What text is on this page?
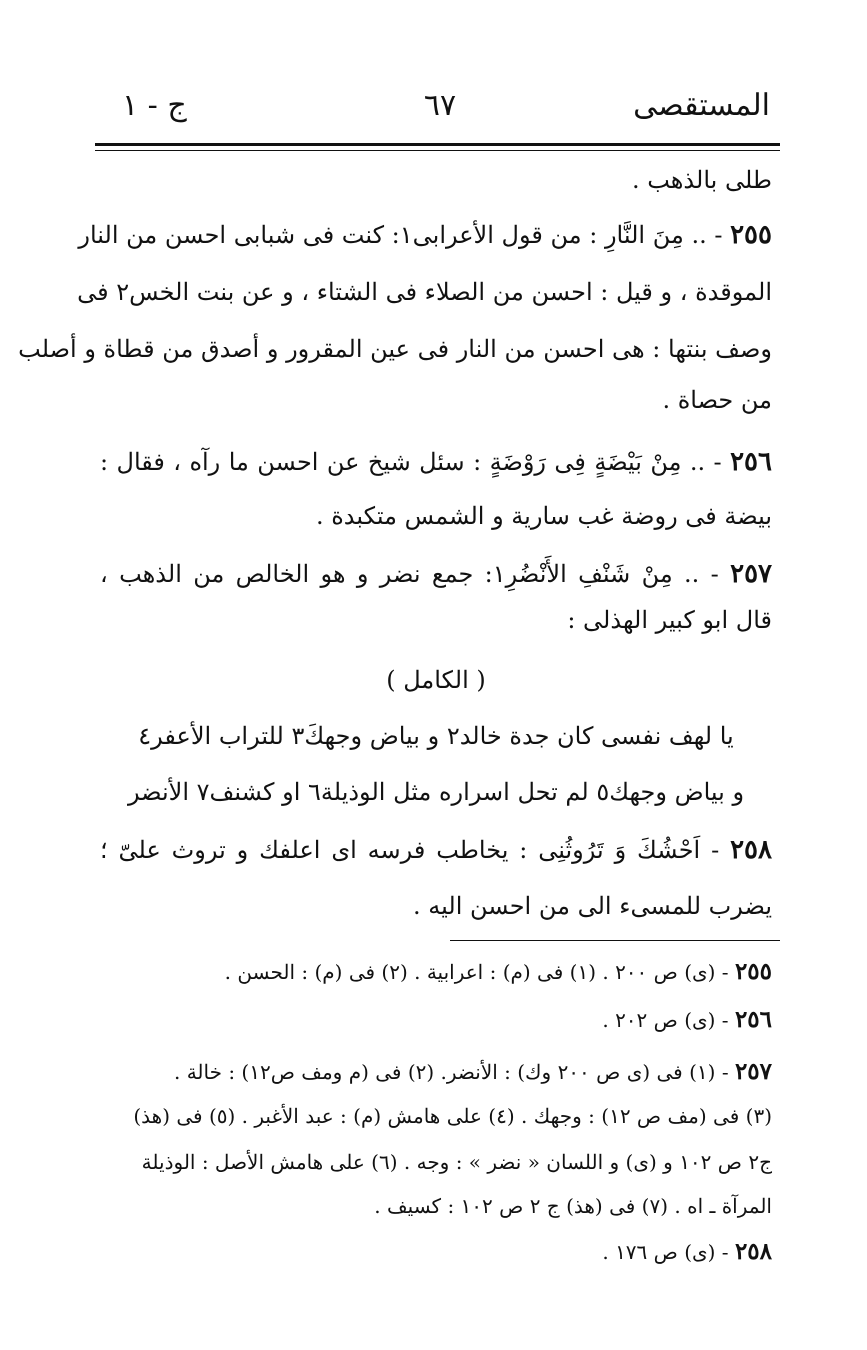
المستقصى
٦٧
ج - ١
طلى بالذهب .
٢٥٥ - .. مِنَ النَّارِ : من قول الأعرابى١: كنت فى شبابى احسن من النار
الموقدة ، و قيل : احسن من الصلاء فى الشتاء ، و عن بنت الخس٢ فى
وصف بنتها : هى احسن من النار فى عين المقرور و أصدق من قطاة و أصلب
من حصاة .
٢٥٦ - .. مِنْ بَيْضَةٍ فِى رَوْضَةٍ : سئل شيخ عن احسن ما رآه ، فقال :
بيضة فى روضة غب سارية و الشمس متكبدة .
٢٥٧ - .. مِنْ شَنْفِ الأَنْضُرِ١: جمع نضر و هو الخالص من الذهب ،
قال ابو كبير الهذلى :
( الكامل )
يا لهف نفسى كان جدة خالد٢ و بياض وجهكَ٣ للتراب الأعفر٤
و بياض وجهك٥ لم تحل اسراره مثل الوذيلة٦ او كشنف٧ الأنضر
٢٥٨ - اَحْشُكَ وَ تَرُوثُنِى : يخاطب فرسه اى اعلفك و تروث علىّ ؛
يضرب للمسىء الى من احسن اليه .
٢٥٥ - (ى) ص ٢٠٠ . (١) فى (م) : اعرابية . (٢) فى (م) : الحسن .
٢٥٦ - (ى) ص ٢٠٢ .
٢٥٧ - (١) فى (ى ص ٢٠٠ وك) : الأنضر. (٢) فى (م ومف ص١٢) : خالة .
(٣) فى (مف ص ١٢) : وجهك . (٤) على هامش (م) : عبد الأغبر . (٥) فى (هذ)
ج٢ ص ١٠٢ و (ى) و اللسان « نضر » : وجه . (٦) على هامش الأصل : الوذيلة
المرآة ـ اه . (٧) فى (هذ) ج ٢ ص ١٠٢ : كسيف .
٢٥٨ - (ى) ص ١٧٦ .
